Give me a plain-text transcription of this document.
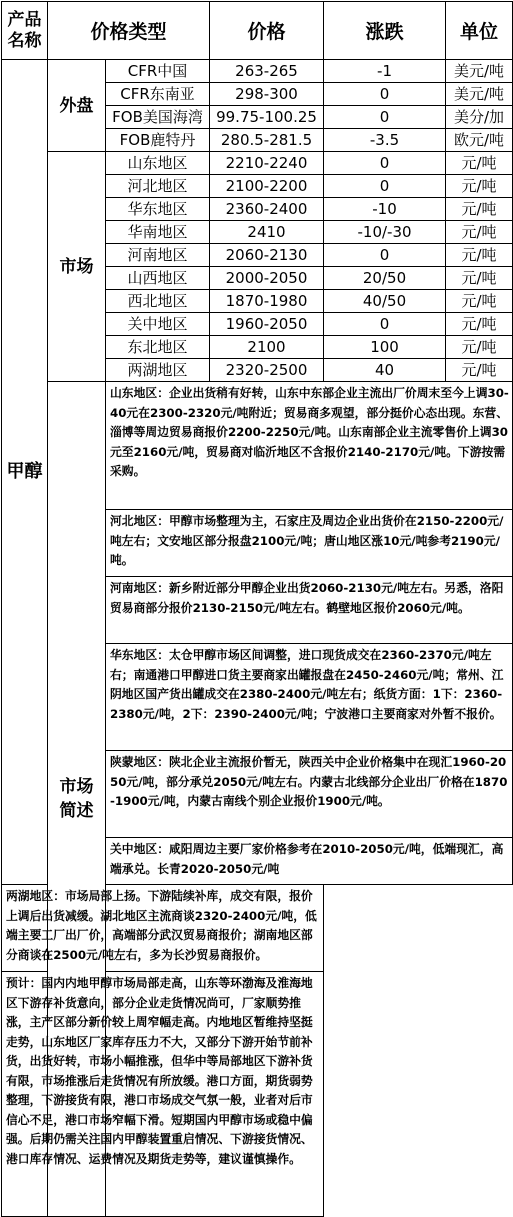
产品名称	价格类型		价格	涨跌	单位
甲醇	外盘	CFR中国	263-265	-1	美元/吨
		CFR东南亚	298-300	0	美元/吨
		FOB美国海湾	99.75-100.25	0	美分/加
		FOB鹿特丹	280.5-281.5	-3.5	欧元/吨
	市场	山东地区	2210-2240	0	元/吨
		河北地区	2100-2200	0	元/吨
		华东地区	2360-2400	-10	元/吨
		华南地区	2410	-10/-30	元/吨
		河南地区	2060-2130	0	元/吨
		山西地区	2000-2050	20/50	元/吨
		西北地区	1870-1980	40/50	元/吨
		关中地区	1960-2050	0	元/吨
		东北地区	2100	100	元/吨
		两湖地区	2320-2500	40	元/吨
	市场简述	山东地区：企业出货稍有好转，山东中东部企业主流出厂价周末至今上调30-40元在2300-2320元/吨附近；贸易商多观望，部分挺价心态出现。东营、淄博等周边贸易商报价2200-2250元/吨。山东南部企业主流零售价上调30元至2160元/吨，贸易商对临沂地区不含报价2140-2170元/吨。下游按需采购。			
		河北地区：甲醇市场整理为主，石家庄及周边企业出货价在2150-2200元/吨左右；文安地区部分报盘2100元/吨；唐山地区涨10元/吨参考2190元/吨。			
		河南地区：新乡附近部分甲醇企业出货2060-2130元/吨左右。另悉，洛阳贸易商部分报价2130-2150元/吨左右。鹤壁地区报价2060元/吨。			
		华东地区：太仓甲醇市场区间调整，进口现货成交在2360-2370元/吨左右；南通港口甲醇进口货主要商家出罐报盘在2450-2460元/吨；常州、江阴地区国产货出罐成交在2380-2400元/吨左右；纸货方面：1下：2360-2380元/吨，2下：2390-2400元/吨；宁波港口主要商家对外暂不报价。			
		陕蒙地区：陕北企业主流报价暂无，陕西关中企业价格集中在现汇1960-2050元/吨，部分承兑2050元/吨左右。内蒙古北线部分企业出厂价格在1870-1900元/吨，内蒙古南线个别企业报价1900元/吨。			
		关中地区：咸阳周边主要厂家价格参考在2010-2050元/吨，低端现汇，高端承兑。长青2020-2050元/吨			
两湖地区：市场局部上扬。下游陆续补库，成交有限，报价上调后出货减缓。湖北地区主流商谈2320-2400元/吨，低端主要工厂出厂价，高端部分武汉贸易商报价；湖南地区部分商谈在2500元/吨左右，多为长沙贸易商报价。					
预计：国内内地甲醇市场局部走高，山东等环渤海及淮海地区下游存补货意向，部分企业走货情况尚可，厂家顺势推涨，主产区部分新价较上周窄幅走高。内地地区暂维持坚挺走势，山东地区厂家库存压力不大，又部分下游开始节前补货，出货好转，市场小幅推涨，但华中等局部地区下游补货有限，市场推涨后走货情况有所放缓。港口方面，期货弱势整理，下游接货有限，港口市场成交气氛一般，业者对后市信心不足，港口市场窄幅下滑。短期国内甲醇市场或稳中偏强。后期仍需关注国内甲醇装置重启情况、下游接货情况、港口库存情况、运费情况及期货走势等，建议谨慎操作。					
